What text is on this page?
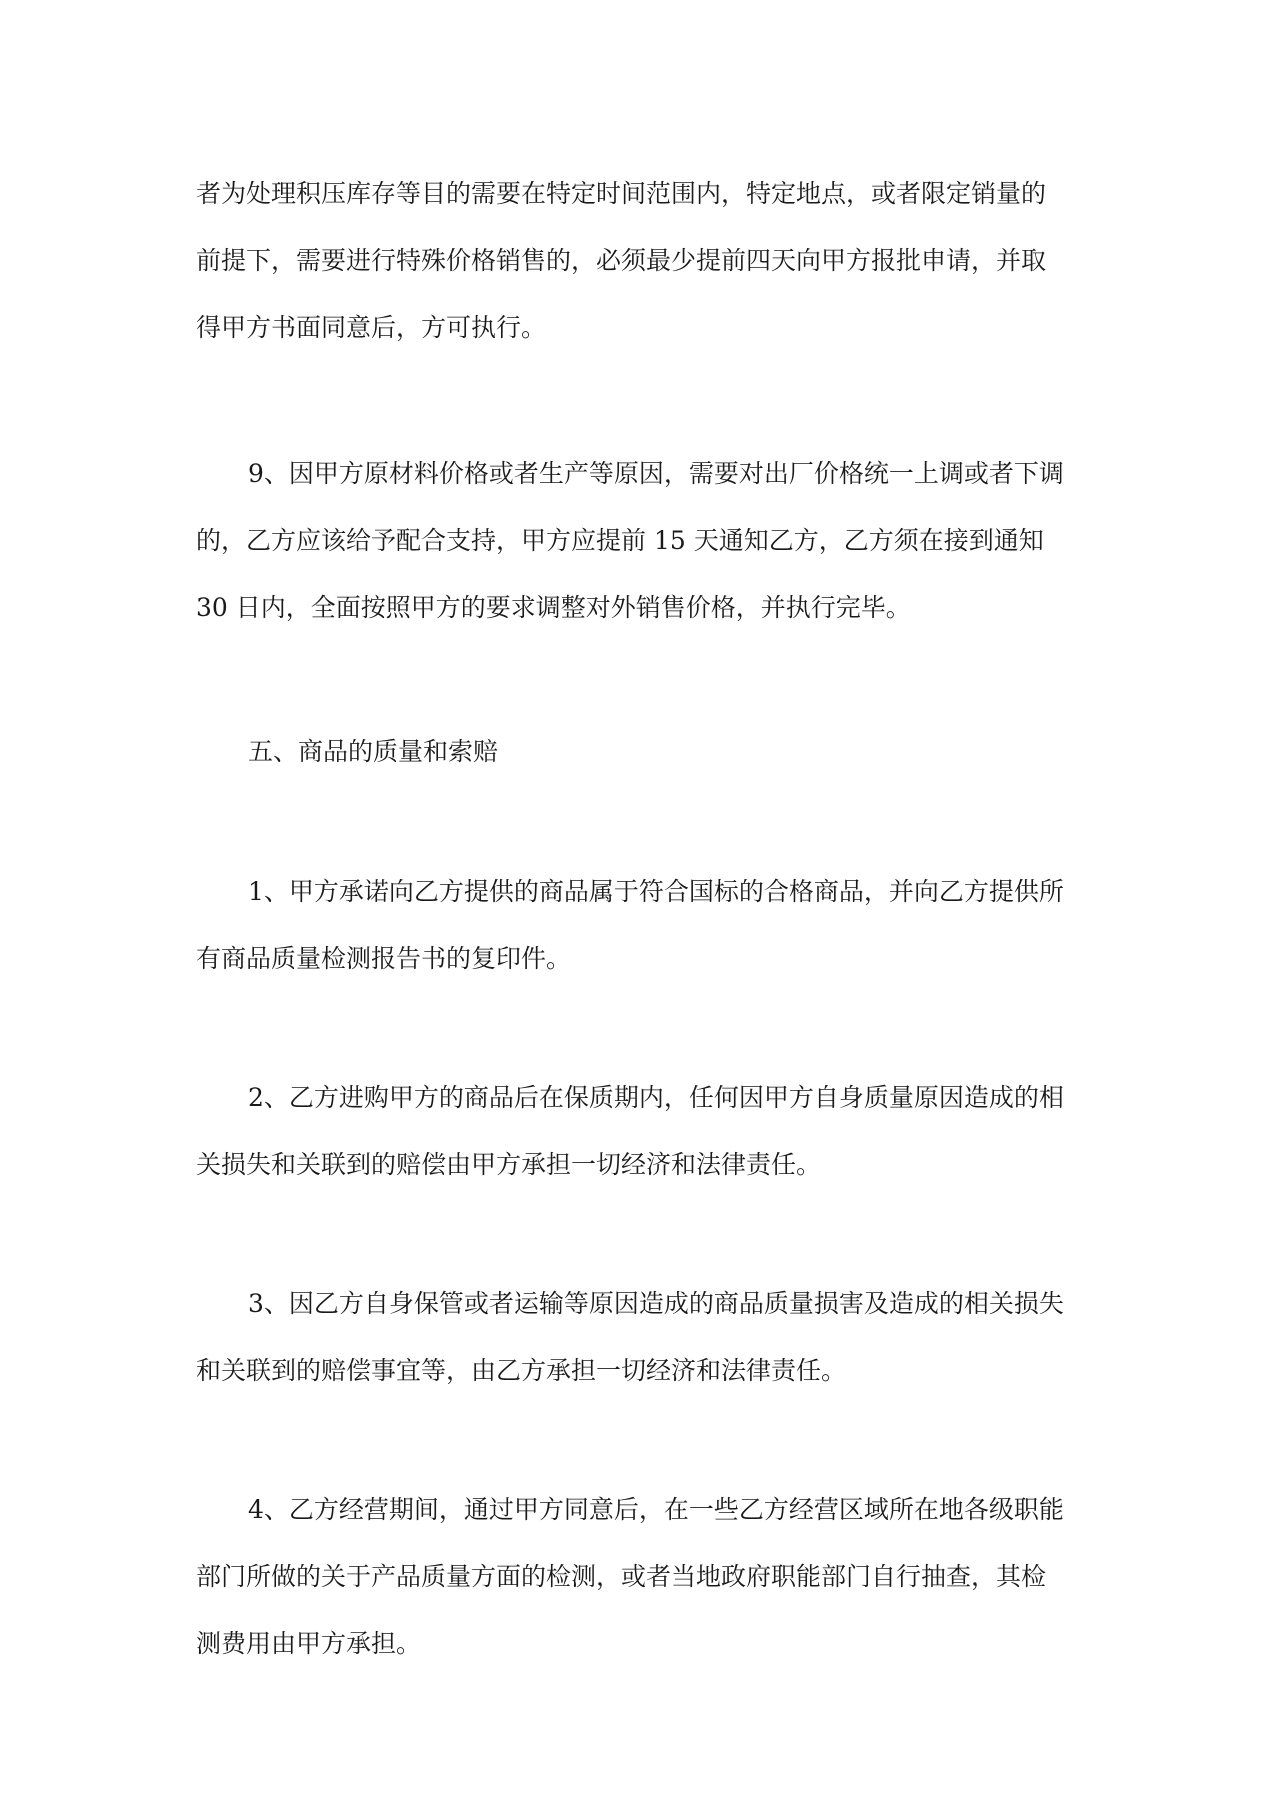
者为处理积压库存等目的需要在特定时间范围内，特定地点，或者限定销量的
前提下，需要进行特殊价格销售的，必须最少提前四天向甲方报批申请，并取
得甲方书面同意后，方可执行。

9、因甲方原材料价格或者生产等原因，需要对出厂价格统一上调或者下调
的，乙方应该给予配合支持，甲方应提前 15 天通知乙方，乙方须在接到通知
30 日内，全面按照甲方的要求调整对外销售价格，并执行完毕。

五、商品的质量和索赔

1、甲方承诺向乙方提供的商品属于符合国标的合格商品，并向乙方提供所
有商品质量检测报告书的复印件。

2、乙方进购甲方的商品后在保质期内，任何因甲方自身质量原因造成的相
关损失和关联到的赔偿由甲方承担一切经济和法律责任。

3、因乙方自身保管或者运输等原因造成的商品质量损害及造成的相关损失
和关联到的赔偿事宜等，由乙方承担一切经济和法律责任。

4、乙方经营期间，通过甲方同意后，在一些乙方经营区域所在地各级职能
部门所做的关于产品质量方面的检测，或者当地政府职能部门自行抽查，其检
测费用由甲方承担。
